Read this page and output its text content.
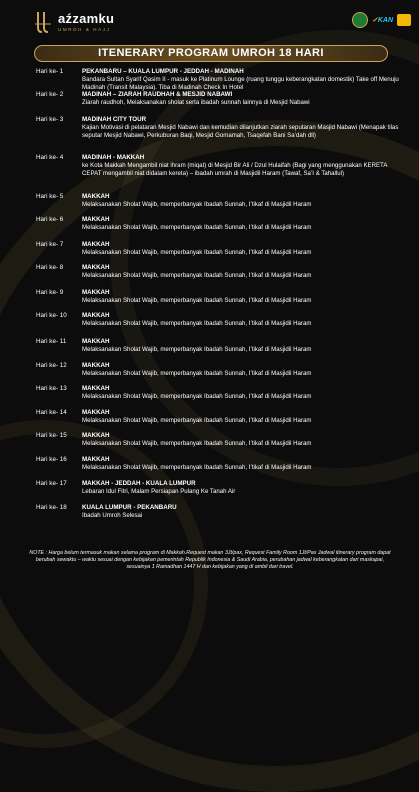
aźzamku
UMROH & HAJJ
✓KAN
ITENERARY PROGRAM UMROH 18 HARI
Hari ke- 1	PEKANBARU – KUALA LUMPUR - JEDDAH - MADINAH
Bandara Sultan Syarif Qasim II - masuk ke Platinum Lounge (ruang tunggu keberangkatan domestik) Take off Menuju Madinah (Transit Malaysia). Tiba di Madinah Check In Hotel
Hari ke- 2	MADINAH – ZIARAH RAUDHAH & MESJID NABAWI
Ziarah raudhoh, Melaksanakan sholat serta ibadah sunnah lainnya di Mesjid Nabawi
Hari ke- 3	MADINAH CITY TOUR
Kajian Motivasi di pelataran Mesjid Nabawi dan kemudian dilanjutkan ziarah seputaran Masjid Nabawi (Menapak tilas seputar Mesjid Nabawi, Perkuburan Baqi, Mesjid Gomamah, Tsaqefah Bani Sa’dah dll)
Hari ke- 4	MADINAH - MAKKAH
ke Kota Makkah Mengambil niat ihram (miqat) di Mesjid Bir Ali / Dzul Hulaifah (Bagi yang menggunakan KERETA CEPAT mengambil niat didalam kereta) – ibadah umrah di Masjidil Haram (Tawaf, Sa’I & Tahallul)
Hari ke- 5	MAKKAH
Melaksanakan Sholat Wajib, memperbanyak Ibadah Sunnah, I’tikaf di Masjidil Haram
Hari ke- 6	MAKKAH
Melaksanakan Sholat Wajib, memperbanyak Ibadah Sunnah, I’tikaf di Masjidil Haram
Hari ke- 7	MAKKAH
Melaksanakan Sholat Wajib, memperbanyak Ibadah Sunnah, I’tikaf di Masjidil Haram
Hari ke- 8	MAKKAH
Melaksanakan Sholat Wajib, memperbanyak Ibadah Sunnah, I’tikaf di Masjidil Haram
Hari ke- 9	MAKKAH
Melaksanakan Sholat Wajib, memperbanyak Ibadah Sunnah, I’tikaf di Masjidil Haram
Hari ke- 10 MAKKAH
Melaksanakan Sholat Wajib, memperbanyak Ibadah Sunnah, I’tikaf di Masjidil Haram
Hari ke- 11	MAKKAH
Melaksanakan Sholat Wajib, memperbanyak Ibadah Sunnah, I’tikaf di Masjidil Haram
Hari ke- 12 MAKKAH
Melaksanakan Sholat Wajib, memperbanyak Ibadah Sunnah, I’tikaf di Masjidil Haram
Hari ke- 13 MAKKAH
Melaksanakan Sholat Wajib, memperbanyak Ibadah Sunnah, I’tikaf di Masjidil Haram
Hari ke- 14 MAKKAH
Melaksanakan Sholat Wajib, memperbanyak Ibadah Sunnah, I’tikaf di Masjidil Haram
Hari ke- 15 MAKKAH
Melaksanakan Sholat Wajib, memperbanyak Ibadah Sunnah, I’tikaf di Masjidil Haram
Hari ke- 16 MAKKAH
Melaksanakan Sholat Wajib, memperbanyak Ibadah Sunnah, I’tikaf di Masjidil Haram
Hari ke- 17 MAKKAH - JEDDAH - KUALA LUMPUR
Lebaran Idul Fitri, Malam Persiapan Pulang Ke Tanah Air
Hari ke- 18 KUALA LUMPUR - PEKANBARU
Ibadah Umroh Selesai
NOTE : Harga belum termasuk makan selama program di Makkah.Request makan 3Jt/pax, Request Family Room 1Jt/Pax Jadwal itinerary program dapat berubah sewaktu – waktu sesuai dengan kebijakan pemerintah Republik Indonesia & Saudi Arabia, perubahan jadwal keberangkatan dari maskapai, sesuainya 1 Ramadhan 1447 H dan kebijakan yang di ambil dari travel.
